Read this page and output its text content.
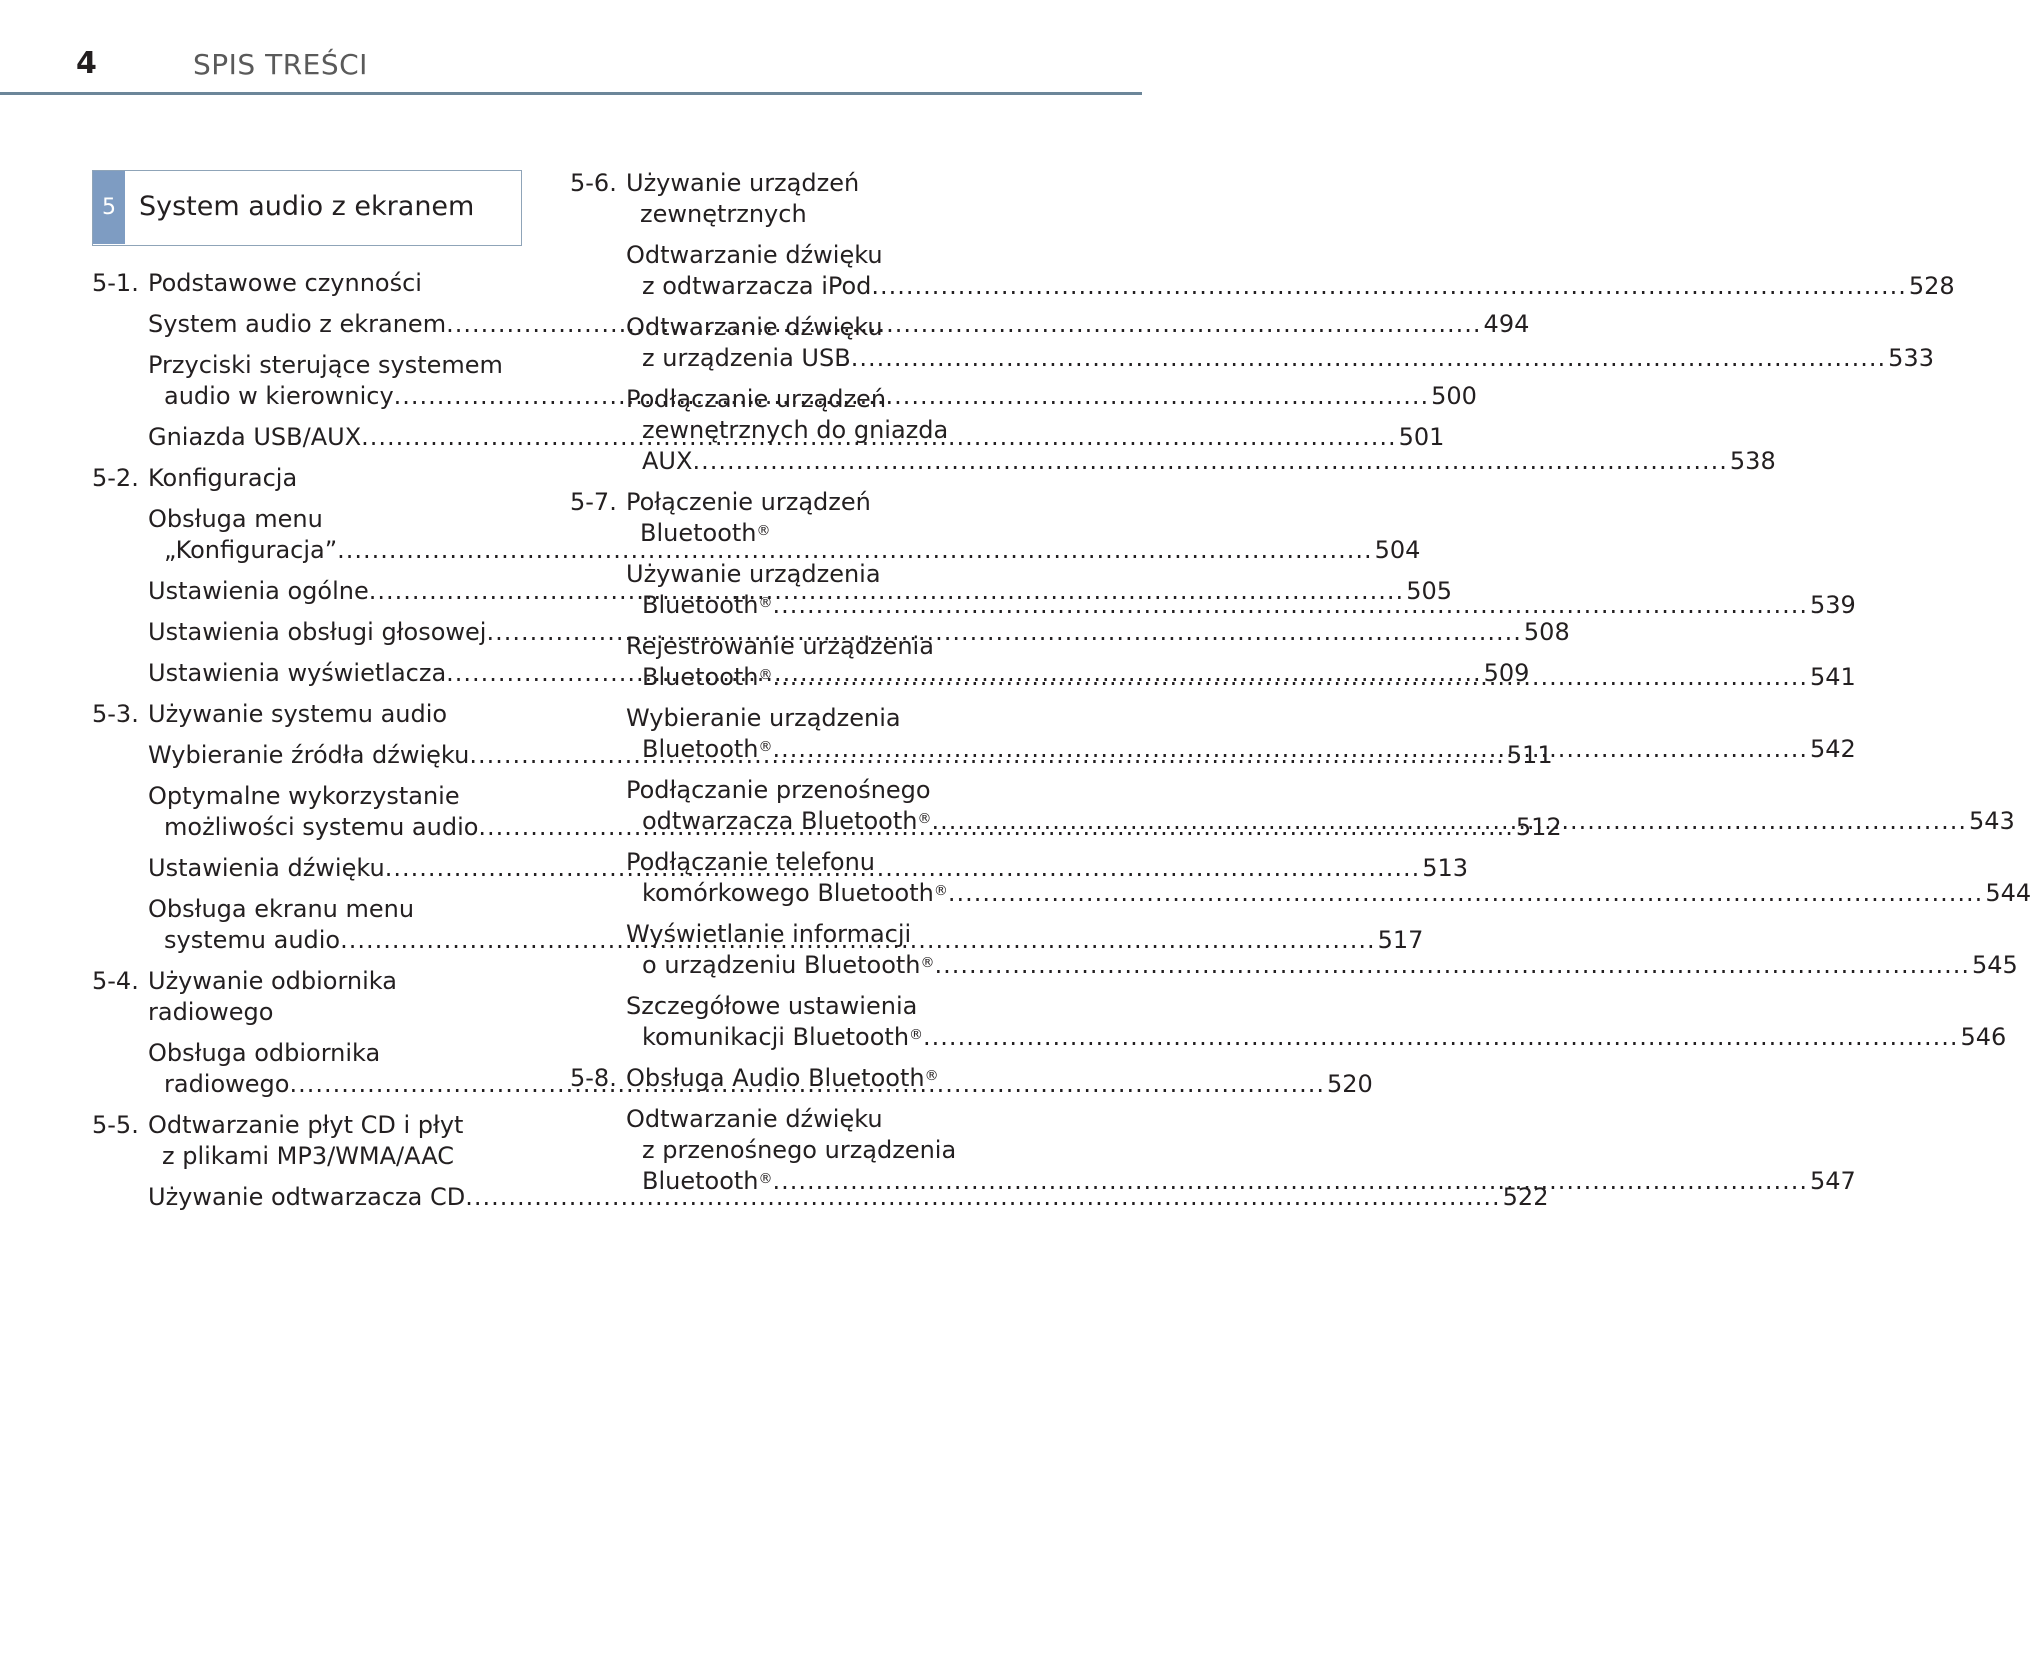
4	SPIS TREŚCI
5 System audio z ekranem
5-1. Podstawowe czynności
System audio z ekranem .....	494
Przyciski sterujące systemem
audio w kierownicy .....	500
Gniazda USB/AUX .....	501
5-2. Konfiguracja
Obsługa menu
„Konfiguracja” .....	504
Ustawienia ogólne .....	505
Ustawienia obsługi głosowej .....	508
Ustawienia wyświetlacza .....	509
5-3. Używanie systemu audio
Wybieranie źródła dźwięku .....	511
Optymalne wykorzystanie
możliwości systemu audio .....	512
Ustawienia dźwięku .....	513
Obsługa ekranu menu
systemu audio .....	517
5-4. Używanie odbiornika radiowego
Obsługa odbiornika
radiowego .....	520
5-5. Odtwarzanie płyt CD i płyt
z plikami MP3/WMA/AAC
Używanie odtwarzacza CD .....	522
5-6. Używanie urządzeń
zewnętrznych
Odtwarzanie dźwięku
z odtwarzacza iPod .....	528
Odtwarzanie dźwięku
z urządzenia USB .....	533
Podłączanie urządzeń
zewnętrznych do gniazda
AUX .....	538
5-7. Połączenie urządzeń
Bluetooth®
Używanie urządzenia
Bluetooth® .....	539
Rejestrowanie urządzenia
Bluetooth® .....	541
Wybieranie urządzenia
Bluetooth® .....	542
Podłączanie przenośnego
odtwarzacza Bluetooth® .....	543
Podłączanie telefonu
komórkowego Bluetooth® .....	544
Wyświetlanie informacji
o urządzeniu Bluetooth® .....	545
Szczegółowe ustawienia
komunikacji Bluetooth® .....	546
5-8. Obsługa Audio Bluetooth®
Odtwarzanie dźwięku
z przenośnego urządzenia
Bluetooth® .....	547
